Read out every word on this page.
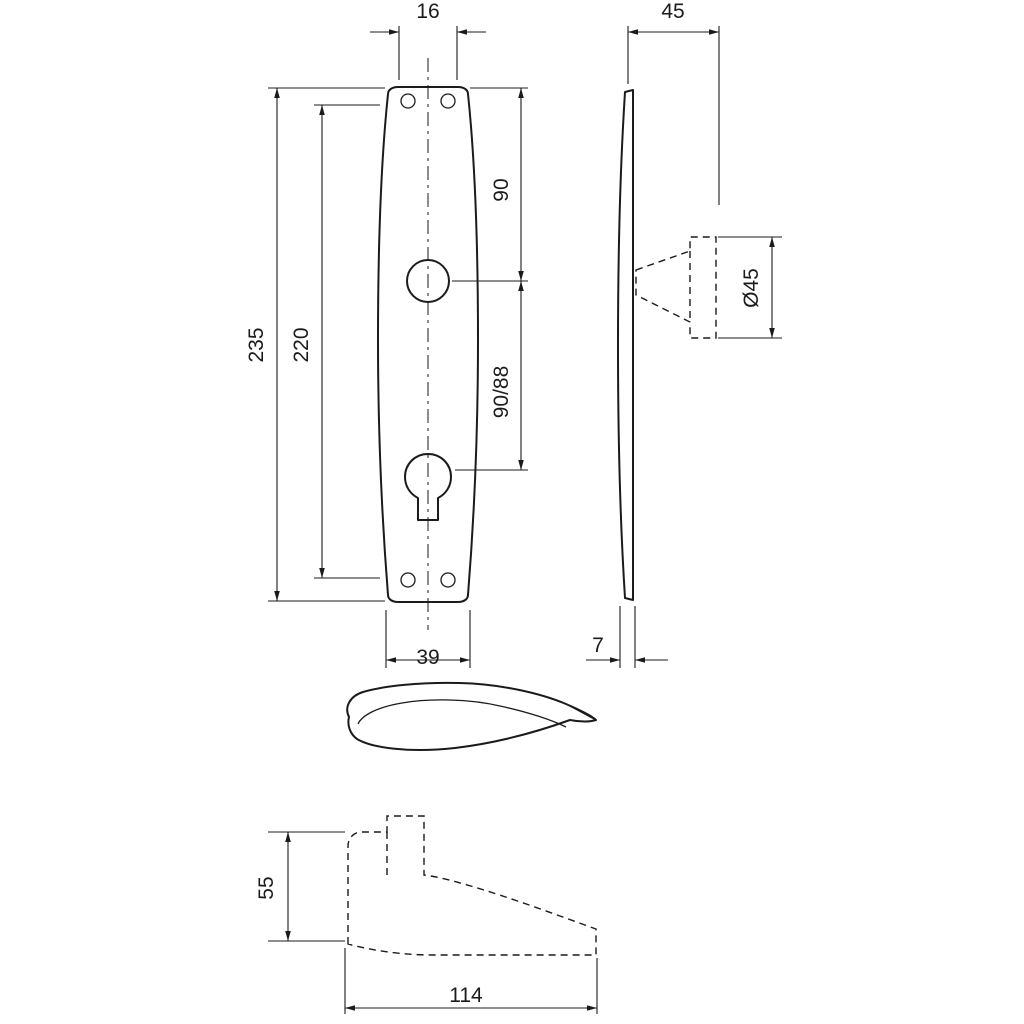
16
235 220
90
90/88
39
45
Ø45
7
55
114
